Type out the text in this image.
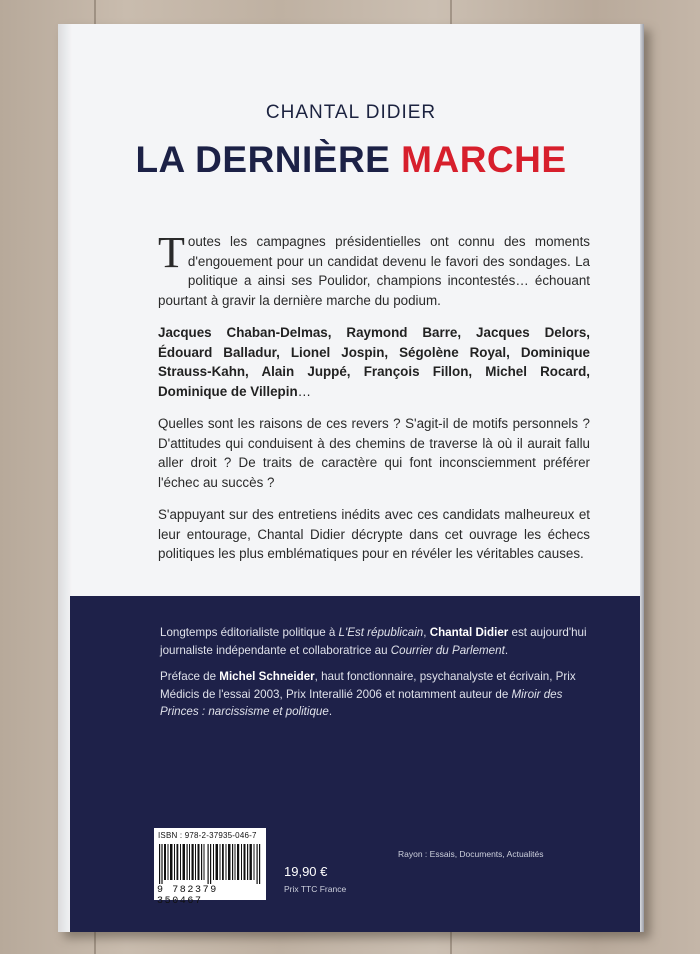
CHANTAL DIDIER
LA DERNIÈRE MARCHE
ISBN : 978-2-37935-046-7
9 782379 350467
19,90 €
Prix TTC France
Rayon : Essais, Documents, Actualités

Toutes les campagnes présidentielles ont connu des moments d'engouement pour un candidat devenu le favori des sondages. La politique a ainsi ses Poulidor, champions incontestés… échouant pourtant à gravir la dernière marche du podium.

Jacques Chaban-Delmas, Raymond Barre, Jacques Delors, Édouard Balladur, Lionel Jospin, Ségolène Royal, Dominique Strauss-Kahn, Alain Juppé, François Fillon, Michel Rocard, Dominique de Villepin…

Quelles sont les raisons de ces revers ? S'agit-il de motifs personnels ? D'attitudes qui conduisent à des chemins de traverse là où il aurait fallu aller droit ? De traits de caractère qui font inconsciemment préférer l'échec au succès ?

S'appuyant sur des entretiens inédits avec ces candidats malheureux et leur entourage, Chantal Didier décrypte dans cet ouvrage les échecs politiques les plus emblématiques pour en révéler les véritables causes.

Longtemps éditorialiste politique à L'Est républicain, Chantal Didier est aujourd'hui journaliste indépendante et collaboratrice au Courrier du Parlement.

Préface de Michel Schneider, haut fonctionnaire, psychanalyste et écrivain, Prix Médicis de l'essai 2003, Prix Interallié 2006 et notamment auteur de Miroir des Princes : narcissisme et politique.
